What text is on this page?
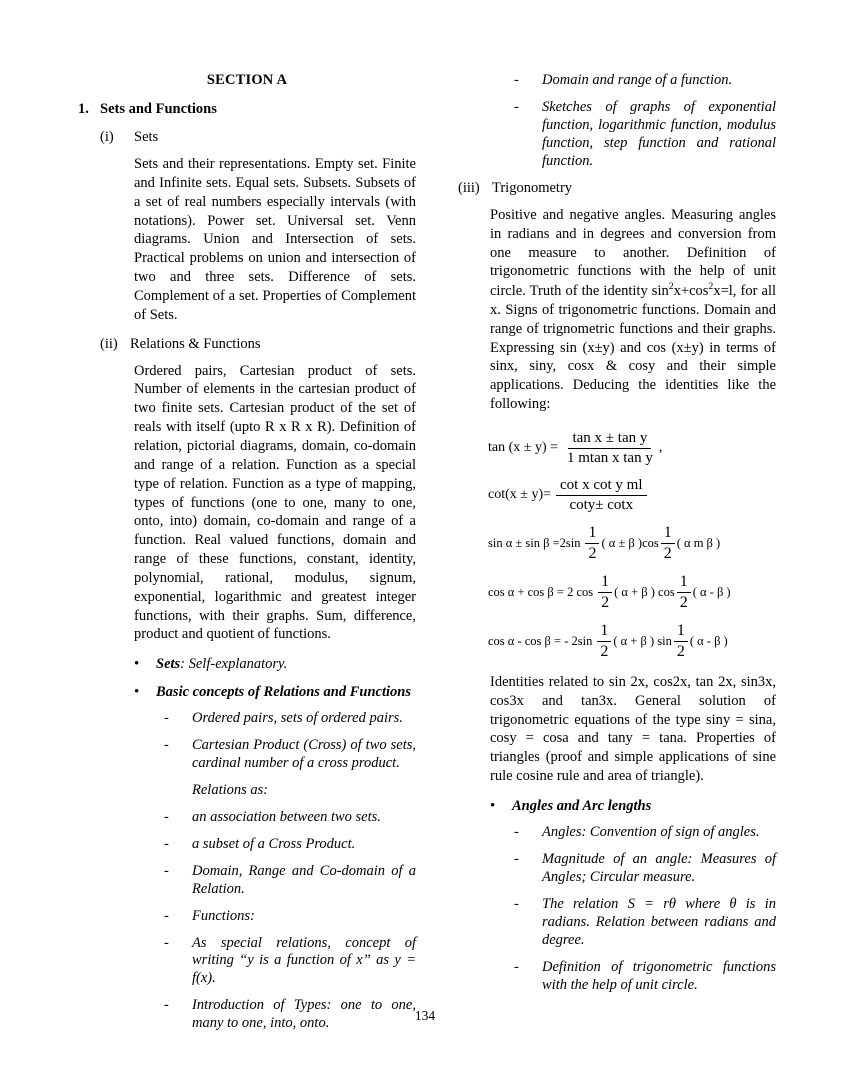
SECTION A
1. Sets and Functions
(i)	Sets
Sets and their representations. Empty set. Finite and Infinite sets. Equal sets. Subsets. Subsets of a set of real numbers especially intervals (with notations). Power set. Universal set. Venn diagrams. Union and Intersection of sets. Practical problems on union and intersection of two and three sets. Difference of sets. Complement of a set. Properties of Complement of Sets.
(ii) Relations & Functions
Ordered pairs, Cartesian product of sets. Number of elements in the cartesian product of two finite sets. Cartesian product of the set of reals with itself (upto R x R x R). Definition of relation, pictorial diagrams, domain, co-domain and range of a relation. Function as a special type of relation. Function as a type of mapping, types of functions (one to one, many to one, onto, into) domain, co-domain and range of a function. Real valued functions, domain and range of these functions, constant, identity, polynomial, rational, modulus, signum, exponential, logarithmic and greatest integer functions, with their graphs. Sum, difference, product and quotient of functions.
•	Sets: Self-explanatory.
•	Basic concepts of Relations and Functions
-	Ordered pairs, sets of ordered pairs.
-	Cartesian Product (Cross) of two sets, cardinal number of a cross product.
Relations as:
-	an association between two sets.
-	a subset of a Cross Product.
-	Domain, Range and Co-domain of a Relation.
-	Functions:
-	As special relations, concept of writing “y is a function of x” as y = f(x).
-	Introduction of Types: one to one, many to one, into, onto.
-	Domain and range of a function.
-	Sketches of graphs of exponential function, logarithmic function, modulus function, step function and rational function.
(iii) Trigonometry
Positive and negative angles. Measuring angles in radians and in degrees and conversion from one measure to another. Definition of trigonometric functions with the help of unit circle. Truth of the identity $\sin^2x+\cos^2x=l$, for all x. Signs of trigonometric functions. Domain and range of trignometric functions and their graphs. Expressing sin (x±y) and cos (x±y) in terms of sinx, siny, cosx & cosy and their simple applications. Deducing the identities like the following:
$\tan (x \pm y) = \frac{\text{tan x ± tan y}}{\text{1 mtan x tan y}}$ ,
$\cot(x \pm y)= \frac{\text{cot x cot y ml}}{\cot y\pm \cot x}$
$\sin \alpha \pm \sin \beta =2\sin \frac{1}{2}$ ( α ± β )$\cos \frac{1}{2}$ ( α m β )
cos α + cos β = 2 $\cos \frac{1}{2}$ ( α + β ) $\cos \frac{1}{2}$ ( α - β )
cos α - cos β = - $2\sin \frac{1}{2}$ ( α + β ) $\sin \frac{1}{2}$ ( α - β )
Identities related to sin 2x, cos2x, tan 2x, sin3x, cos3x and tan3x. General solution of trigonometric equations of the type siny = sina, cosy = cosa and tany = tana. Properties of triangles (proof and simple applications of sine rule cosine rule and area of triangle).
•	Angles and Arc lengths
-	Angles: Convention of sign of angles.
-	Magnitude of an angle: Measures of Angles; Circular measure.
-	The relation S = rθ where θ is in radians. Relation between radians and degree.
-	Definition of trigonometric functions with the help of unit circle.
134
